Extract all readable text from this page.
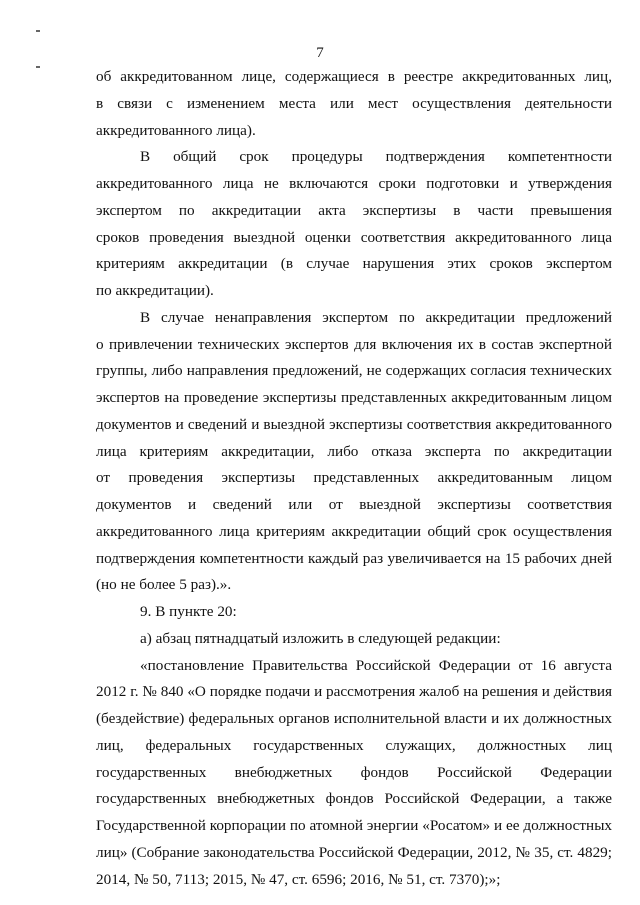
7
об аккредитованном лице, содержащиеся в реестре аккредитованных лиц,
в связи с изменением места или мест осуществления деятельности
аккредитованного лица).
В общий срок процедуры подтверждения компетентности
аккредитованного лица не включаются сроки подготовки и утверждения
экспертом по аккредитации акта экспертизы в части превышения
сроков проведения выездной оценки соответствия аккредитованного лица
критериям аккредитации (в случае нарушения этих сроков экспертом
по аккредитации).
В случае ненаправления экспертом по аккредитации предложений
о привлечении технических экспертов для включения их в состав экспертной
группы, либо направления предложений, не содержащих согласия технических
экспертов на проведение экспертизы представленных аккредитованным лицом
документов и сведений и выездной экспертизы соответствия аккредитованного
лица критериям аккредитации, либо отказа эксперта по аккредитации
от проведения экспертизы представленных аккредитованным лицом
документов и сведений или от выездной экспертизы соответствия
аккредитованного лица критериям аккредитации общий срок осуществления
подтверждения компетентности каждый раз увеличивается на 15 рабочих дней
(но не более 5 раз).».
9. В пункте 20:
а) абзац пятнадцатый изложить в следующей редакции:
«постановление Правительства Российской Федерации от 16 августа
2012 г. № 840 «О порядке подачи и рассмотрения жалоб на решения и действия
(бездействие) федеральных органов исполнительной власти и их должностных
лиц, федеральных государственных служащих, должностных лиц
государственных внебюджетных фондов Российской Федерации
государственных внебюджетных фондов Российской Федерации, а также
Государственной корпорации по атомной энергии «Росатом» и ее должностных
лиц» (Собрание законодательства Российской Федерации, 2012, № 35, ст. 4829;
2014, № 50, 7113; 2015, № 47, ст. 6596; 2016, № 51, ст. 7370);»;
